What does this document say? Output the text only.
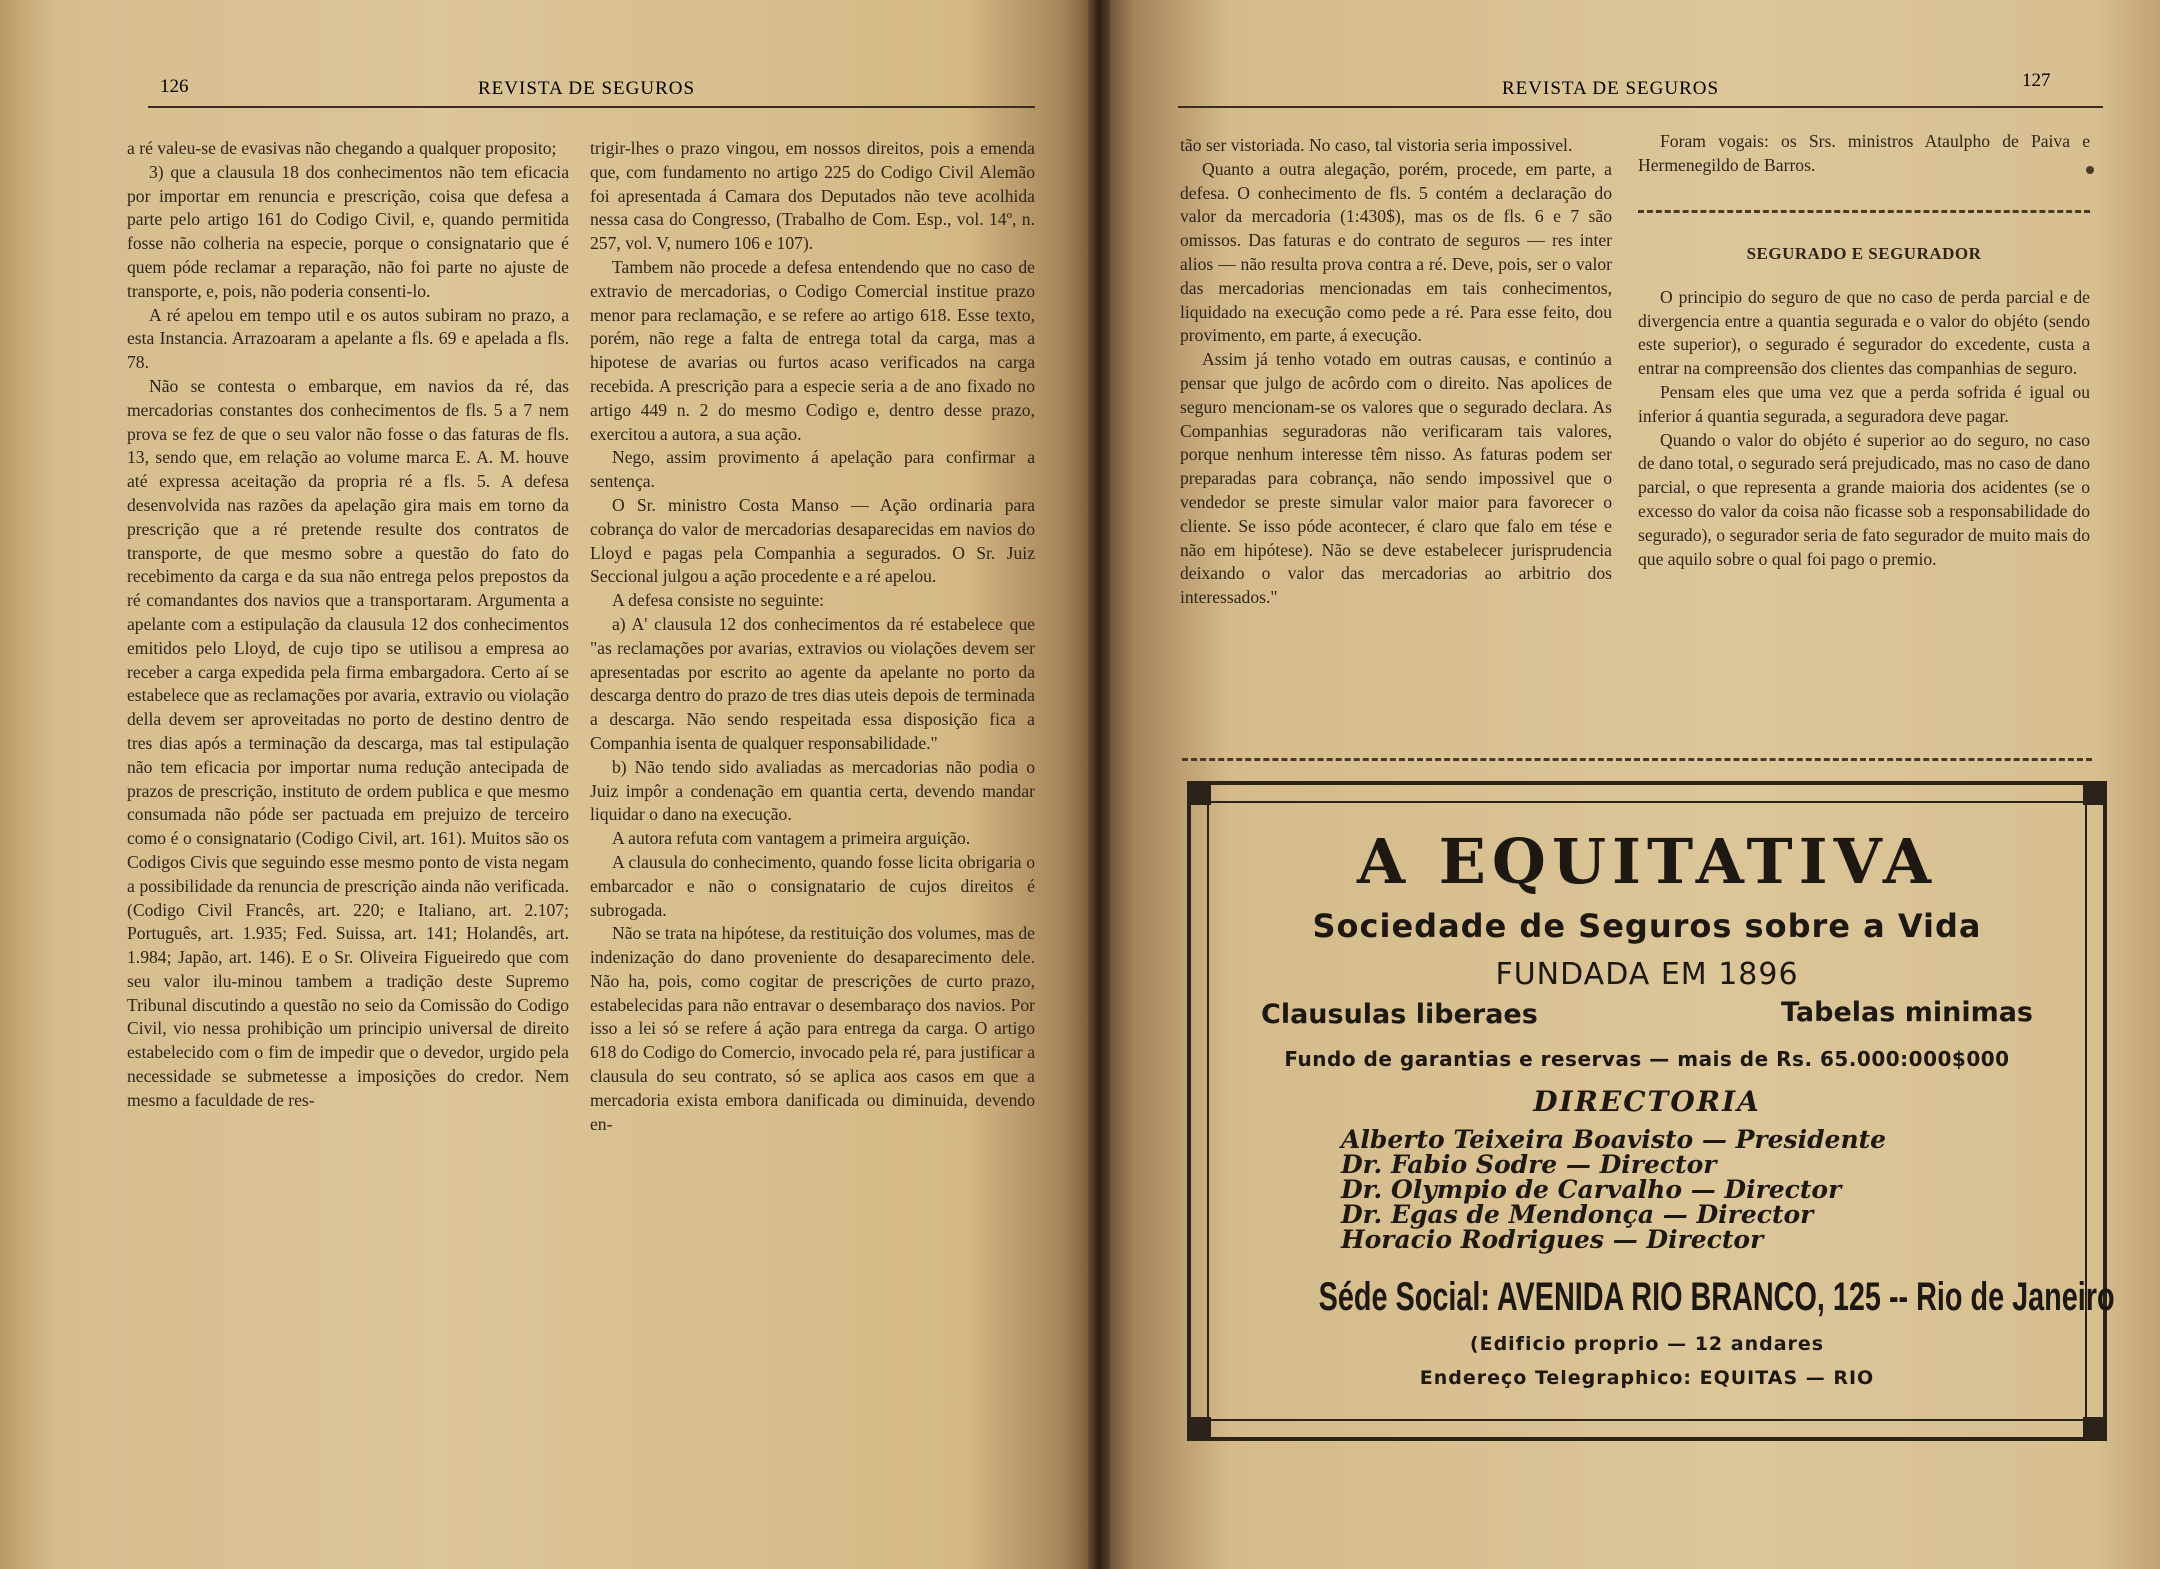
126	REVISTA DE SEGUROS

a ré valeu-se de evasivas não chegando a qualquer proposito;

3) que a clausula 18 dos conhecimentos não tem eficacia por importar em renuncia e prescrição, coisa que defesa a parte pelo artigo 161 do Codigo Civil, e, quando permitida fosse não colheria na especie, porque o consignatario que é quem póde reclamar a reparação, não foi parte no ajuste de transporte, e, pois, não poderia consenti-lo.

A ré apelou em tempo util e os autos subiram no prazo, a esta Instancia. Arrazoaram a apelante a fls. 69 e apelada a fls. 78.

Não se contesta o embarque, em navios da ré, das mercadorias constantes dos conhecimentos de fls. 5 a 7 nem prova se fez de que o seu valor não fosse o das faturas de fls. 13, sendo que, em relação ao volume marca E. A. M. houve até expressa aceitação da propria ré a fls. 5. A defesa desenvolvida nas razões da apelação gira mais em torno da prescrição que a ré pretende resulte dos contratos de transporte, de que mesmo sobre a questão do fato do recebimento da carga e da sua não entrega pelos prepostos da ré comandantes dos navios que a transportaram. Argumenta a apelante com a estipulação da clausula 12 dos conhecimentos emitidos pelo Lloyd, de cujo tipo se utilisou a empresa ao receber a carga expedida pela firma embargadora. Certo aí se estabelece que as reclamações por avaria, extravio ou violação della devem ser aproveitadas no porto de destino dentro de tres dias após a terminação da descarga, mas tal estipulação não tem eficacia por importar numa redução antecipada de prazos de prescrição, instituto de ordem publica e que mesmo consumada não póde ser pactuada em prejuizo de terceiro como é o consignatario (Codigo Civil, art. 161). Muitos são os Codigos Civis que seguindo esse mesmo ponto de vista negam a possibilidade da renuncia de prescrição ainda não verificada. (Codigo Civil Francês, art. 220; e Italiano, art. 2.107; Português, art. 1.935; Fed. Suissa, art. 141; Holandês, art. 1.984; Japão, art. 146). E o Sr. Oliveira Figueiredo que com seu valor ilu-minou tambem a tradição deste Supremo Tribunal discutindo a questão no seio da Comissão do Codigo Civil, vio nessa prohibição um principio universal de direito estabelecido com o fim de impedir que o devedor, urgido pela necessidade se submetesse a imposições do credor. Nem mesmo a faculdade de res-

trigir-lhes o prazo vingou, em nossos direitos, pois a emenda que, com fundamento no artigo 225 do Codigo Civil Alemão foi apresentada á Camara dos Deputados não teve acolhida nessa casa do Congresso, (Trabalho de Com. Esp., vol. 14º, n. 257, vol. V, numero 106 e 107).

Tambem não procede a defesa entendendo que no caso de extravio de mercadorias, o Codigo Comercial institue prazo menor para reclamação, e se refere ao artigo 618. Esse texto, porém, não rege a falta de entrega total da carga, mas a hipotese de avarias ou furtos acaso verificados na carga recebida. A prescrição para a especie seria a de ano fixado no artigo 449 n. 2 do mesmo Codigo e, dentro desse prazo, exercitou a autora, a sua ação.

Nego, assim provimento á apelação para confirmar a sentença.

O Sr. ministro Costa Manso — Ação ordinaria para cobrança do valor de mercadorias desaparecidas em navios do Lloyd e pagas pela Companhia a segurados. O Sr. Juiz Seccional julgou a ação procedente e a ré apelou.

A defesa consiste no seguinte:

a) A' clausula 12 dos conhecimentos da ré estabelece que "as reclamações por avarias, extravios ou violações devem ser apresentadas por escrito ao agente da apelante no porto da descarga dentro do prazo de tres dias uteis depois de terminada a descarga. Não sendo respeitada essa disposição fica a Companhia isenta de qualquer responsabilidade."

b) Não tendo sido avaliadas as mercadorias não podia o Juiz impôr a condenação em quantia certa, devendo mandar liquidar o dano na execução.

A autora refuta com vantagem a primeira arguição.

A clausula do conhecimento, quando fosse licita obrigaria o embarcador e não o consignatario de cujos direitos é subrogada.

Não se trata na hipótese, da restituição dos volumes, mas de indenização do dano proveniente do desaparecimento dele. Não ha, pois, como cogitar de prescrições de curto prazo, estabelecidas para não entravar o desembaraço dos navios. Por isso a lei só se refere á ação para entrega da carga. O artigo 618 do Codigo do Comercio, invocado pela ré, para justificar a clausula do seu contrato, só se aplica aos casos em que a mercadoria exista embora danificada ou diminuida, devendo en-

REVISTA DE SEGUROS	127

tão ser vistoriada. No caso, tal vistoria seria impossivel.

Quanto a outra alegação, porém, procede, em parte, a defesa. O conhecimento de fls. 5 contém a declaração do valor da mercadoria (1:430$), mas os de fls. 6 e 7 são omissos. Das faturas e do contrato de seguros — res inter alios — não resulta prova contra a ré. Deve, pois, ser o valor das mercadorias mencionadas em tais conhecimentos, liquidado na execução como pede a ré. Para esse feito, dou provimento, em parte, á execução.

Assim já tenho votado em outras causas, e continúo a pensar que julgo de acôrdo com o direito. Nas apolices de seguro mencionam-se os valores que o segurado declara. As Companhias seguradoras não verificaram tais valores, porque nenhum interesse têm nisso. As faturas podem ser preparadas para cobrança, não sendo impossivel que o vendedor se preste simular valor maior para favorecer o cliente. Se isso póde acontecer, é claro que falo em tése e não em hipótese). Não se deve estabelecer jurisprudencia deixando o valor das mercadorias ao arbitrio dos interessados."

Foram vogais: os Srs. ministros Ataulpho de Paiva e Hermenegildo de Barros.

SEGURADO E SEGURADOR

O principio do seguro de que no caso de perda parcial e de divergencia entre a quantia segurada e o valor do objéto (sendo este superior), o segurado é segurador do excedente, custa a entrar na compreensão dos clientes das companhias de seguro.

Pensam eles que uma vez que a perda sofrida é igual ou inferior á quantia segurada, a seguradora deve pagar.

Quando o valor do objéto é superior ao do seguro, no caso de dano total, o segurado será prejudicado, mas no caso de dano parcial, o que representa a grande maioria dos acidentes (se o excesso do valor da coisa não ficasse sob a responsabilidade do segurado), o segurador seria de fato segurador de muito mais do que aquilo sobre o qual foi pago o premio.

A EQUITATIVA
Sociedade de Seguros sobre a Vida
FUNDADA EM 1896
Clausulas liberaes	Tabelas minimas
Fundo de garantias e reservas — mais de Rs. 65.000:000$000
DIRECTORIA
Alberto Teixeira Boavisto — Presidente
Dr. Fabio Sodre — Director
Dr. Olympio de Carvalho — Director
Dr. Egas de Mendonça — Director
Horacio Rodrigues — Director
Séde Social: AVENIDA RIO BRANCO, 125 -- Rio de Janeiro
(Edificio proprio — 12 andares
Endereço Telegraphico: EQUITAS — RIO
